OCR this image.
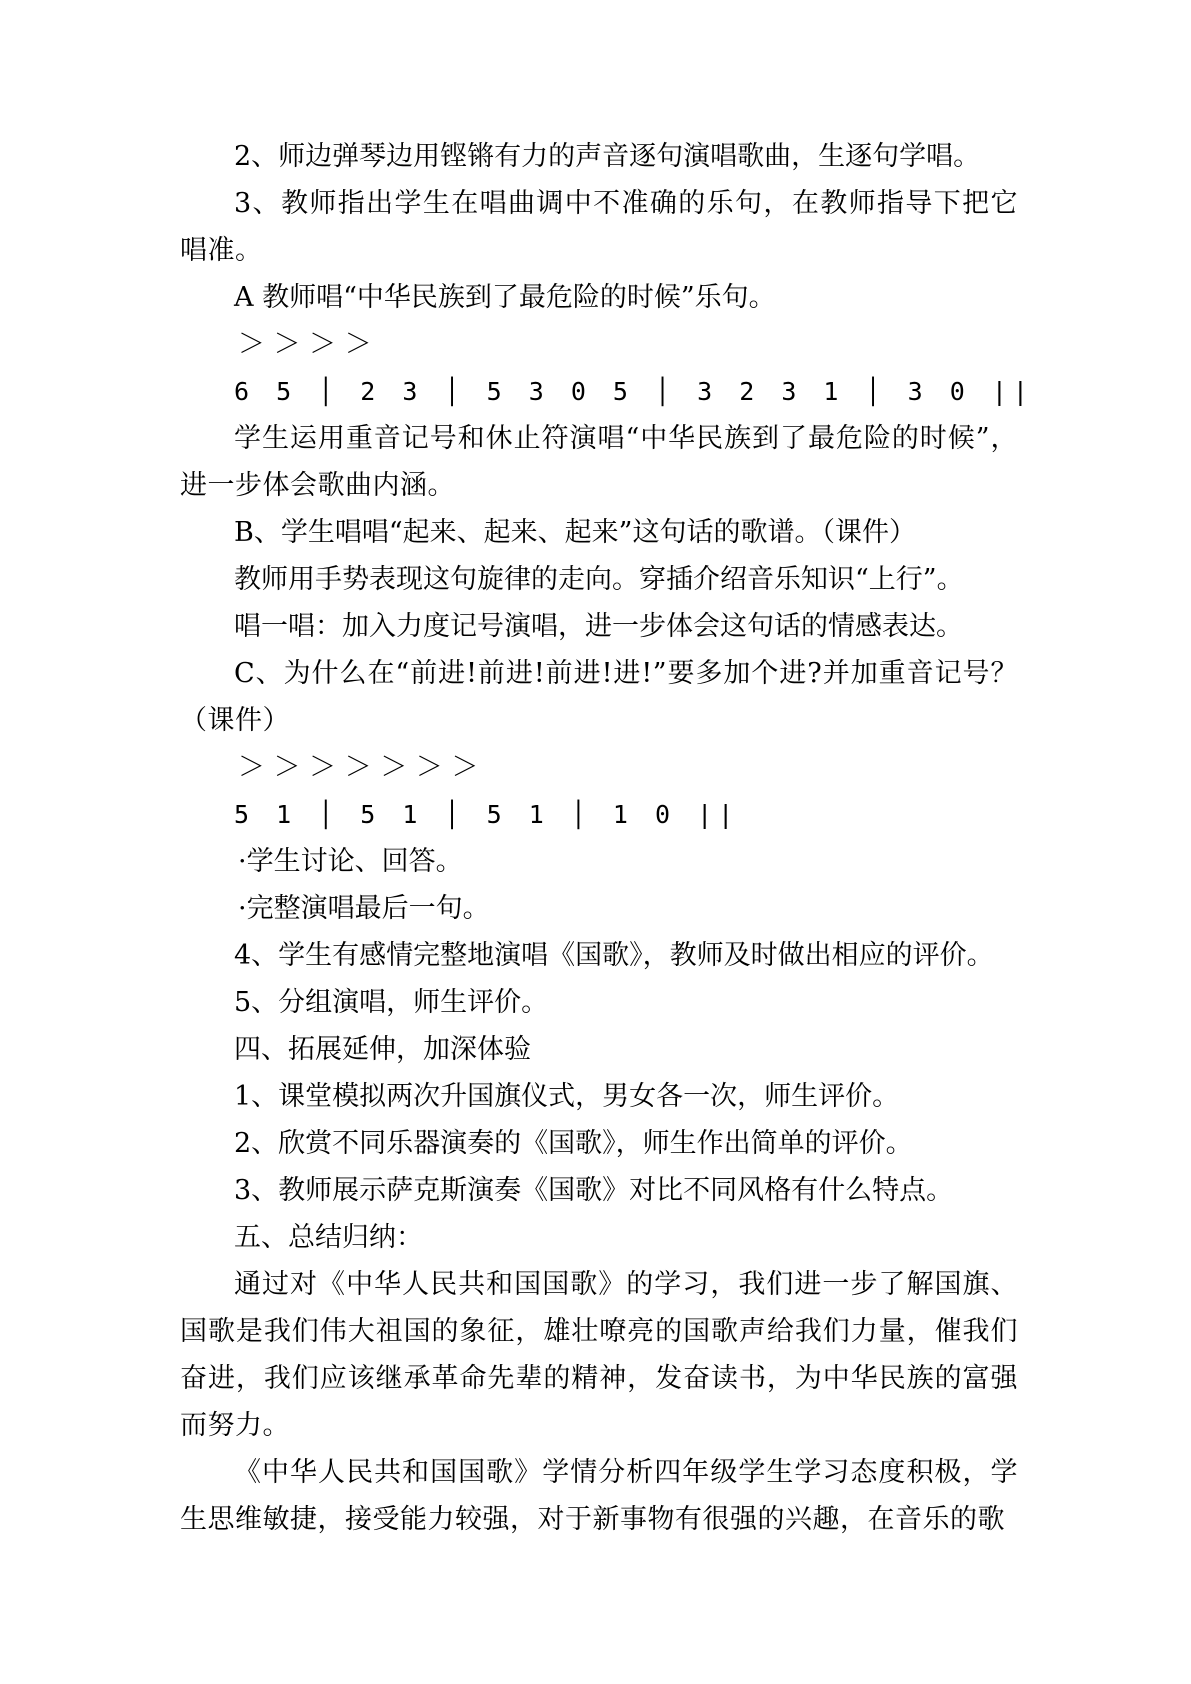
2、师边弹琴边用铿锵有力的声音逐句演唱歌曲，生逐句学唱。

3、教师指出学生在唱曲调中不准确的乐句，在教师指导下把它唱准。

A 教师唱“中华民族到了最危险的时候”乐句。

＞ ＞ ＞ ＞

6 5 │ 2 3 │ 5 3 0 5 │ 3 2 3 1 │ 3 0 ||

学生运用重音记号和休止符演唱“中华民族到了最危险的时候”，进一步体会歌曲内涵。

B、学生唱唱“起来、起来、起来”这句话的歌谱。（课件）

教师用手势表现这句旋律的走向。穿插介绍音乐知识“上行”。

唱一唱：加入力度记号演唱，进一步体会这句话的情感表达。

C、为什么在“前进!前进!前进!进!”要多加个进?并加重音记号？（课件）

＞ ＞ ＞ ＞ ＞ ＞ ＞

5 1 │ 5 1 │ 5 1 │ 1 0 ||

·学生讨论、回答。

·完整演唱最后一句。

4、学生有感情完整地演唱《国歌》，教师及时做出相应的评价。

5、分组演唱，师生评价。

四、拓展延伸，加深体验

1、课堂模拟两次升国旗仪式，男女各一次，师生评价。

2、欣赏不同乐器演奏的《国歌》，师生作出简单的评价。

3、教师展示萨克斯演奏《国歌》对比不同风格有什么特点。

五、总结归纳：

通过对《中华人民共和国国歌》的学习，我们进一步了解国旗、国歌是我们伟大祖国的象征，雄壮嘹亮的国歌声给我们力量，催我们奋进，我们应该继承革命先辈的精神，发奋读书，为中华民族的富强而努力。

《中华人民共和国国歌》学情分析四年级学生学习态度积极，学生思维敏捷，接受能力较强，对于新事物有很强的兴趣，在音乐的歌
